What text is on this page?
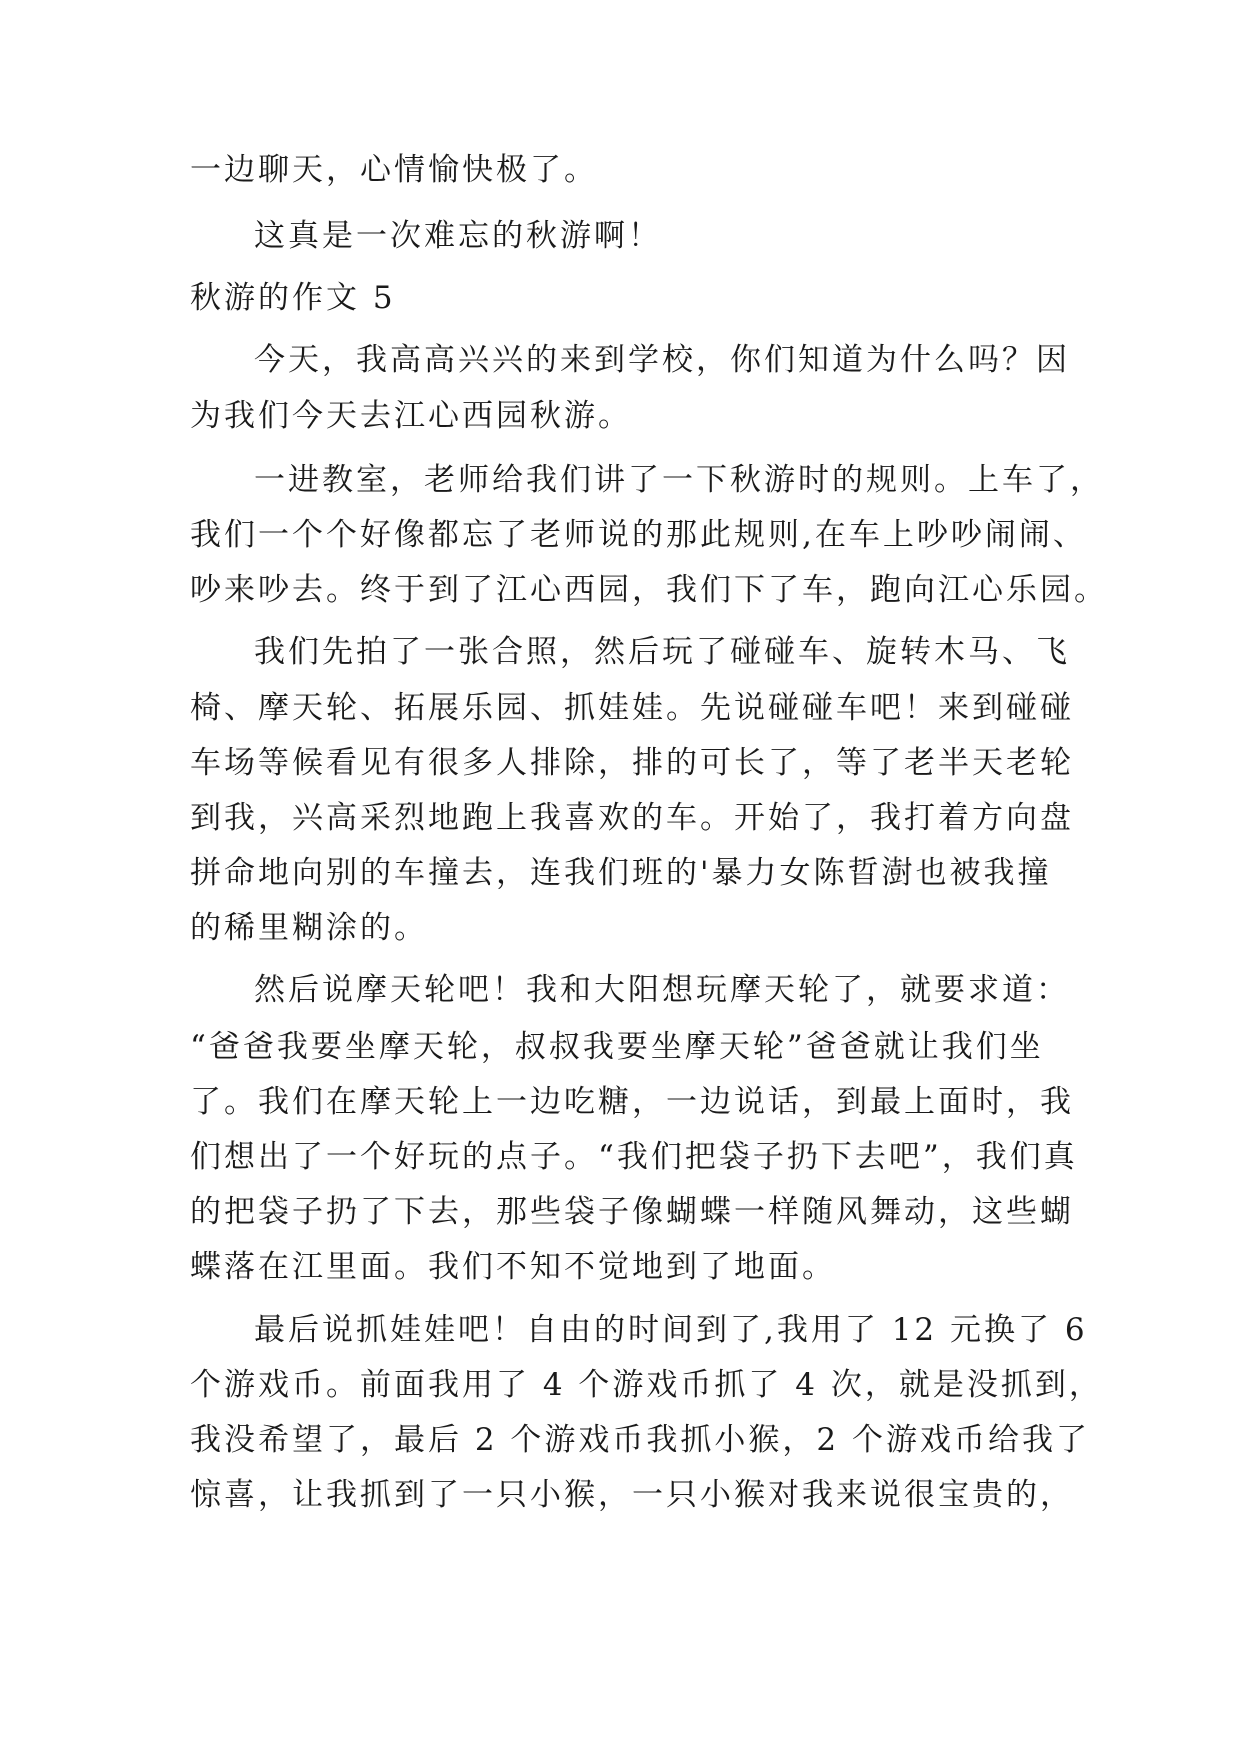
一边聊天，心情愉快极了。
这真是一次难忘的秋游啊！
秋游的作文 5
今天，我高高兴兴的来到学校，你们知道为什么吗？因
为我们今天去江心西园秋游。
一进教室，老师给我们讲了一下秋游时的规则。上车了，
我们一个个好像都忘了老师说的那此规则,在车上吵吵闹闹、
吵来吵去。终于到了江心西园，我们下了车，跑向江心乐园。
我们先拍了一张合照，然后玩了碰碰车、旋转木马、飞
椅、摩天轮、拓展乐园、抓娃娃。先说碰碰车吧！来到碰碰
车场等候看见有很多人排除，排的可长了，等了老半天老轮
到我，兴高采烈地跑上我喜欢的车。开始了，我打着方向盘
拼命地向别的车撞去，连我们班的'暴力女陈晢澍也被我撞
的稀里糊涂的。
然后说摩天轮吧！我和大阳想玩摩天轮了，就要求道：
“爸爸我要坐摩天轮，叔叔我要坐摩天轮”爸爸就让我们坐
了。我们在摩天轮上一边吃糖，一边说话，到最上面时，我
们想出了一个好玩的点子。“我们把袋子扔下去吧”，我们真
的把袋子扔了下去，那些袋子像蝴蝶一样随风舞动，这些蝴
蝶落在江里面。我们不知不觉地到了地面。
最后说抓娃娃吧！自由的时间到了,我用了 12 元换了 6
个游戏币。前面我用了 4 个游戏币抓了 4 次，就是没抓到，
我没希望了，最后 2 个游戏币我抓小猴，2 个游戏币给我了
惊喜，让我抓到了一只小猴，一只小猴对我来说很宝贵的，
